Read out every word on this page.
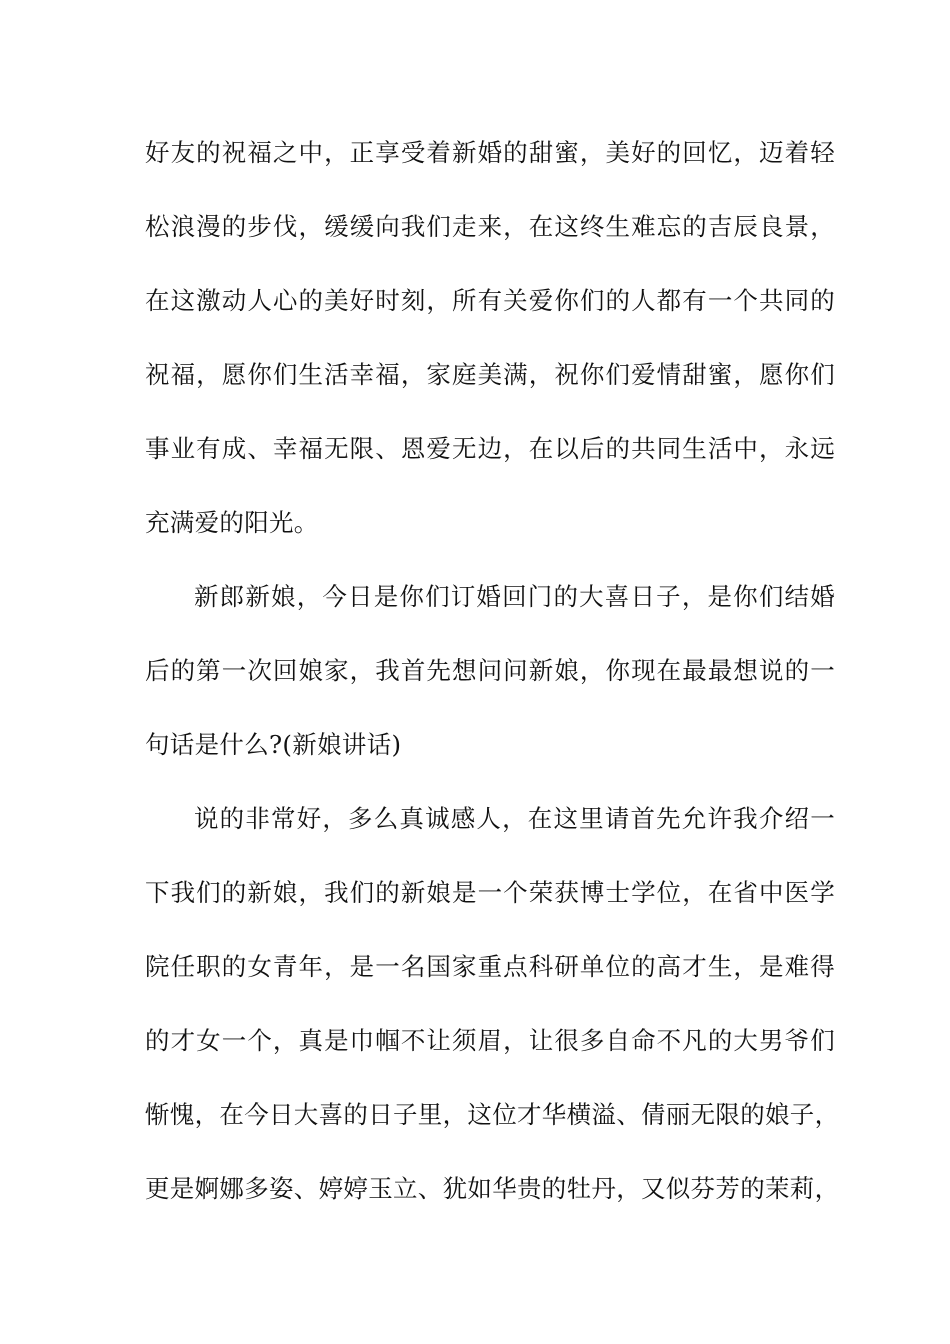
好友的祝福之中，正享受着新婚的甜蜜，美好的回忆，迈着轻
松浪漫的步伐，缓缓向我们走来，在这终生难忘的吉辰良景，
在这激动人心的美好时刻，所有关爱你们的人都有一个共同的
祝福，愿你们生活幸福，家庭美满，祝你们爱情甜蜜，愿你们
事业有成、幸福无限、恩爱无边，在以后的共同生活中，永远
充满爱的阳光。
新郎新娘，今日是你们订婚回门的大喜日子，是你们结婚
后的第一次回娘家，我首先想问问新娘，你现在最最想说的一
句话是什么?(新娘讲话)
说的非常好，多么真诚感人，在这里请首先允许我介绍一
下我们的新娘，我们的新娘是一个荣获博士学位，在省中医学
院任职的女青年，是一名国家重点科研单位的高才生，是难得
的才女一个，真是巾帼不让须眉，让很多自命不凡的大男爷们
惭愧，在今日大喜的日子里，这位才华横溢、倩丽无限的娘子，
更是婀娜多姿、婷婷玉立、犹如华贵的牡丹，又似芬芳的茉莉，
